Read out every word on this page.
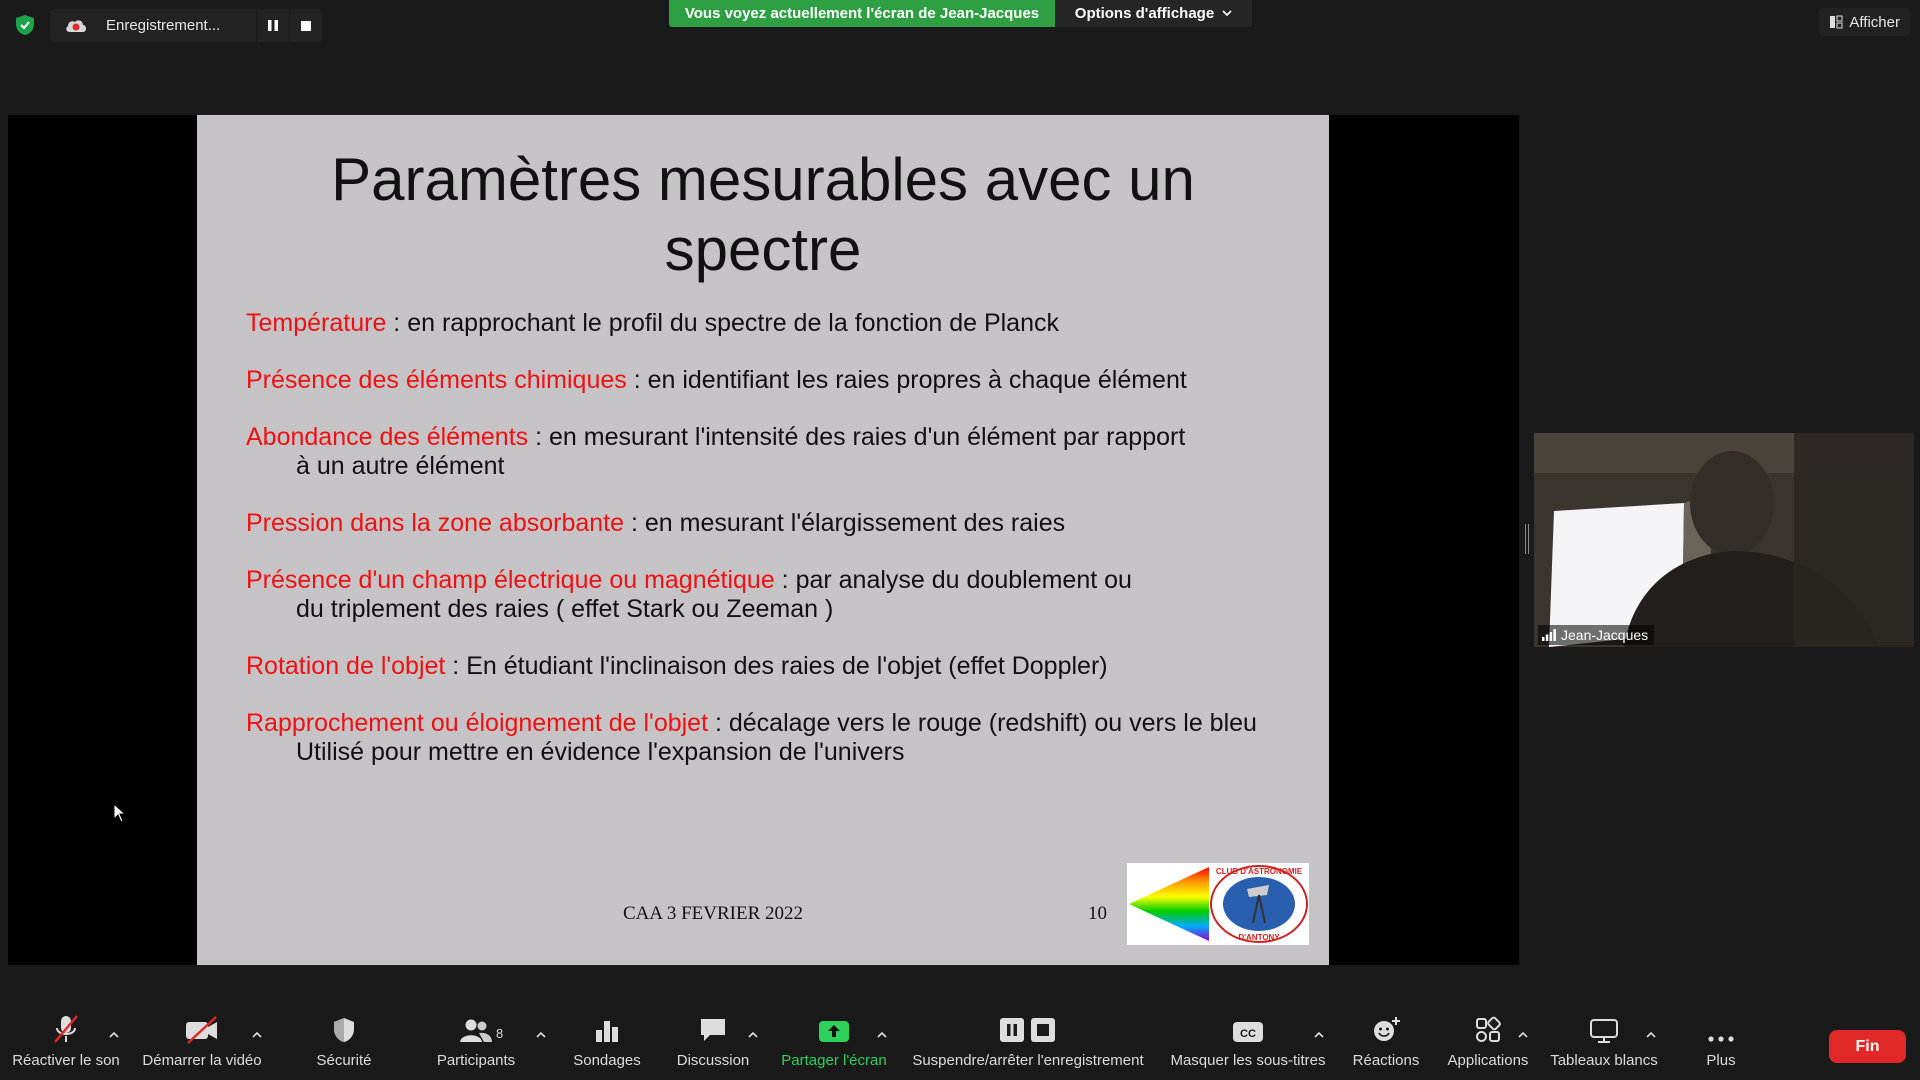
Enregistrement...
Vous voyez actuellement l'écran de Jean-Jacques	Options d'affichage	Afficher
Paramètres mesurables avec un
spectre
Température : en rapprochant le profil du spectre de la fonction de Planck
Présence des éléments chimiques : en identifiant les raies propres à chaque élément
Abondance des éléments : en mesurant l'intensité des raies d'un élément par rapport
à un autre élément
Pression dans la zone absorbante : en mesurant l'élargissement des raies
Présence d'un champ électrique ou magnétique : par analyse du doublement ou
du triplement des raies ( effet Stark ou Zeeman )
Rotation de l'objet : En étudiant l'inclinaison des raies de l'objet (effet Doppler)
Rapprochement ou éloignement de l'objet : décalage vers le rouge (redshift) ou vers le bleu
Utilisé pour mettre en évidence l'expansion de l'univers
CAA 3 FEVRIER 2022	10
CLUB D'ASTRONOMIE
D'ANTONY
Jean-Jacques
Réactiver le son Démarrer la vidéo	Sécurité	Participants
8
Sondages Discussion Partager l'écran Suspendre/arrêter l'enregistrement
CC
Masquer les sous-titres Réactions Applications Tableaux blancs	Plus
Fin
